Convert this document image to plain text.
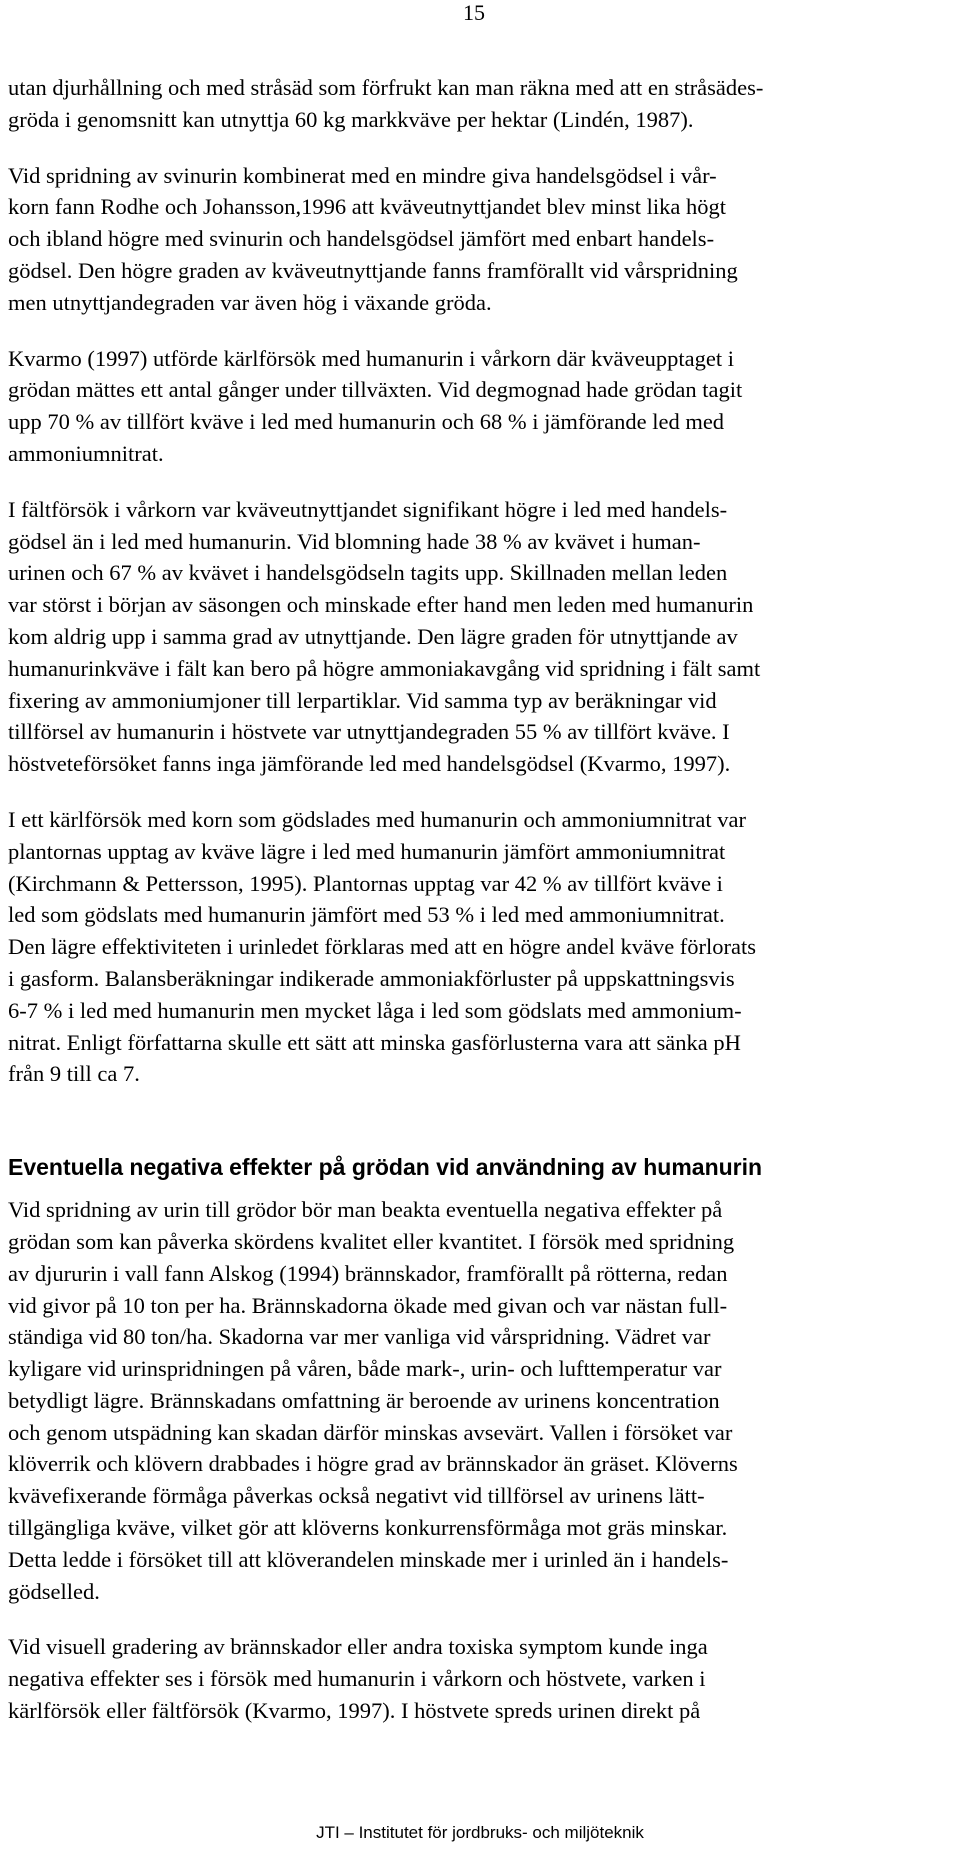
15

utan djurhållning och med stråsäd som förfrukt kan man räkna med att en stråsädes-
gröda i genomsnitt kan utnyttja 60 kg markkväve per hektar (Lindén, 1987).

Vid spridning av svinurin kombinerat med en mindre giva handelsgödsel i vår-
korn fann Rodhe och Johansson,1996 att kväveutnyttjandet blev minst lika högt
och ibland högre med svinurin och handelsgödsel jämfört med enbart handels-
gödsel. Den högre graden av kväveutnyttjande fanns framförallt vid vårspridning
men utnyttjandegraden var även hög i växande gröda.

Kvarmo (1997) utförde kärlförsök med humanurin i vårkorn där kväveupptaget i
grödan mättes ett antal gånger under tillväxten. Vid degmognad hade grödan tagit
upp 70 % av tillfört kväve i led med humanurin och 68 % i jämförande led med
ammoniumnitrat.

I fältförsök i vårkorn var kväveutnyttjandet signifikant högre i led med handels-
gödsel än i led med humanurin. Vid blomning hade 38 % av kvävet i human-
urinen och 67 % av kvävet i handelsgödseln tagits upp. Skillnaden mellan leden
var störst i början av säsongen och minskade efter hand men leden med humanurin
kom aldrig upp i samma grad av utnyttjande. Den lägre graden för utnyttjande av
humanurinkväve i fält kan bero på högre ammoniakavgång vid spridning i fält samt
fixering av ammoniumjoner till lerpartiklar. Vid samma typ av beräkningar vid
tillförsel av humanurin i höstvete var utnyttjandegraden 55 % av tillfört kväve. I
höstveteförsöket fanns inga jämförande led med handelsgödsel (Kvarmo, 1997).

I ett kärlförsök med korn som gödslades med humanurin och ammoniumnitrat var
plantornas upptag av kväve lägre i led med humanurin jämfört ammoniumnitrat
(Kirchmann & Pettersson, 1995). Plantornas upptag var 42 % av tillfört kväve i
led som gödslats med humanurin jämfört med 53 % i led med ammoniumnitrat.
Den lägre effektiviteten i urinledet förklaras med att en högre andel kväve förlorats
i gasform. Balansberäkningar indikerade ammoniakförluster på uppskattningsvis
6-7 % i led med humanurin men mycket låga i led som gödslats med ammonium-
nitrat. Enligt författarna skulle ett sätt att minska gasförlusterna vara att sänka pH
från 9 till ca 7.

Eventuella negativa effekter på grödan vid användning av humanurin

Vid spridning av urin till grödor bör man beakta eventuella negativa effekter på
grödan som kan påverka skördens kvalitet eller kvantitet. I försök med spridning
av djururin i vall fann Alskog (1994) brännskador, framförallt på rötterna, redan
vid givor på 10 ton per ha. Brännskadorna ökade med givan och var nästan full-
ständiga vid 80 ton/ha. Skadorna var mer vanliga vid vårspridning. Vädret var
kyligare vid urinspridningen på våren, både mark-, urin- och lufttemperatur var
betydligt lägre. Brännskadans omfattning är beroende av urinens koncentration
och genom utspädning kan skadan därför minskas avsevärt. Vallen i försöket var
klöverrik och klövern drabbades i högre grad av brännskador än gräset. Klöverns
kvävefixerande förmåga påverkas också negativt vid tillförsel av urinens lätt-
tillgängliga kväve, vilket gör att klöverns konkurrensförmåga mot gräs minskar.
Detta ledde i försöket till att klöverandelen minskade mer i urinled än i handels-
gödselled.

Vid visuell gradering av brännskador eller andra toxiska symptom kunde inga
negativa effekter ses i försök med humanurin i vårkorn och höstvete, varken i
kärlförsök eller fältförsök (Kvarmo, 1997). I höstvete spreds urinen direkt på

JTI – Institutet för jordbruks- och miljöteknik
